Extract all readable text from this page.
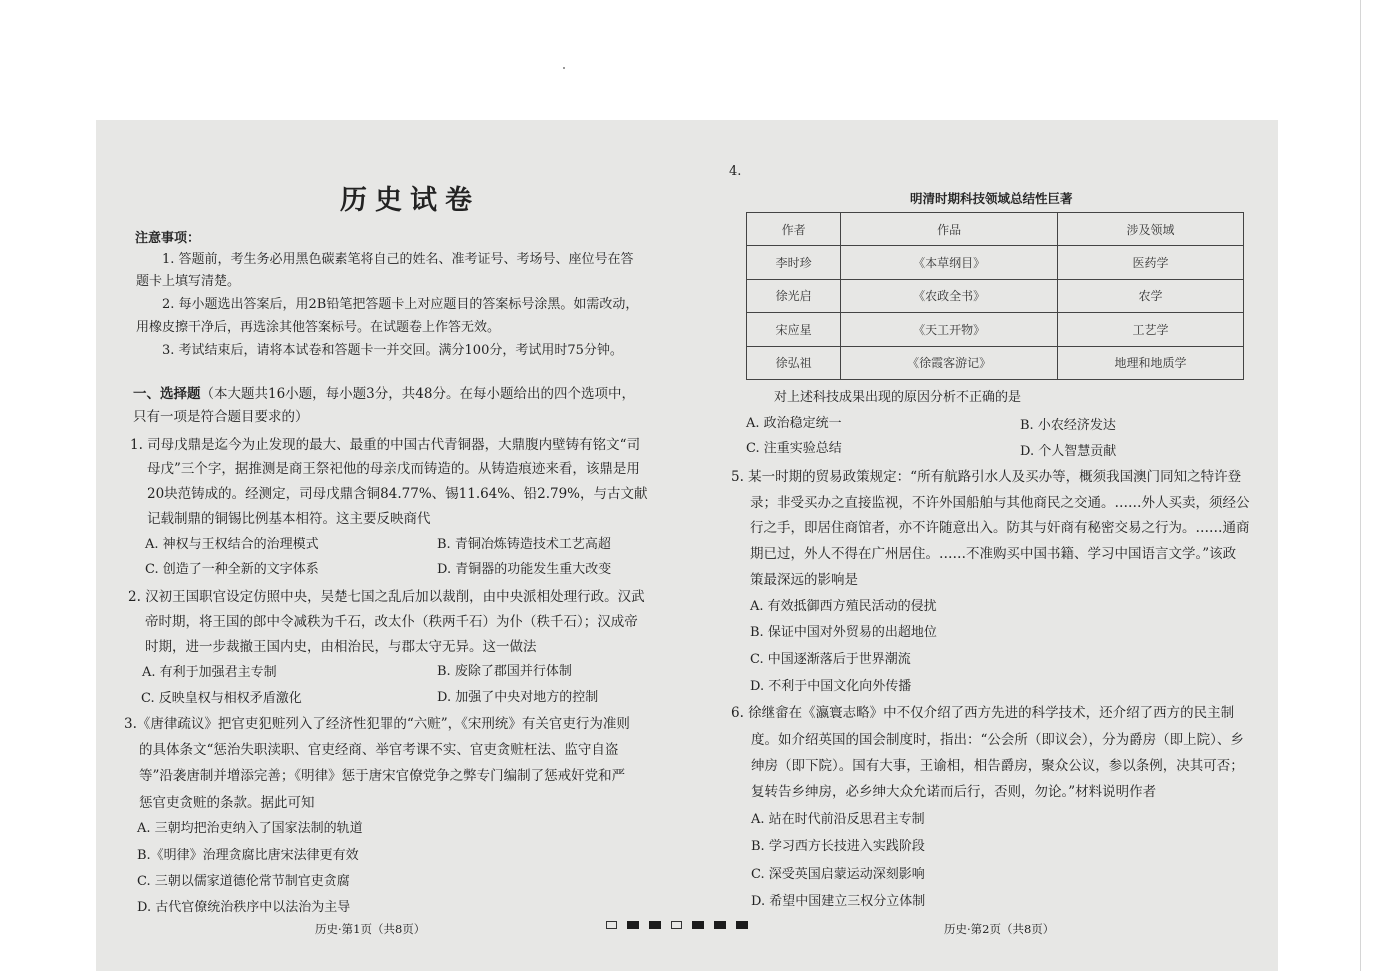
历史试卷
注意事项：
1. 答题前，考生务必用黑色碳素笔将自己的姓名、准考证号、考场号、座位号在答
题卡上填写清楚。
2. 每小题选出答案后，用2B铅笔把答题卡上对应题目的答案标号涂黑。如需改动，
用橡皮擦干净后，再选涂其他答案标号。在试题卷上作答无效。
3. 考试结束后，请将本试卷和答题卡一并交回。满分100分，考试用时75分钟。
一、选择题（本大题共16小题，每小题3分，共48分。在每小题给出的四个选项中，
只有一项是符合题目要求的）
1. 司母戊鼎是迄今为止发现的最大、最重的中国古代青铜器，大鼎腹内壁铸有铭文“司
母戊”三个字，据推测是商王祭祀他的母亲戊而铸造的。从铸造痕迹来看，该鼎是用
20块范铸成的。经测定，司母戊鼎含铜84.77%、锡11.64%、铅2.79%，与古文献
记载制鼎的铜锡比例基本相符。这主要反映商代
A. 神权与王权结合的治理模式	B. 青铜冶炼铸造技术工艺高超
C. 创造了一种全新的文字体系	D. 青铜器的功能发生重大改变
2. 汉初王国职官设定仿照中央，吴楚七国之乱后加以裁削，由中央派相处理行政。汉武
帝时期，将王国的郎中令减秩为千石，改太仆（秩两千石）为仆（秩千石）；汉成帝
时期，进一步裁撤王国内史，由相治民，与郡太守无异。这一做法
A. 有利于加强君主专制	B. 废除了郡国并行体制
C. 反映皇权与相权矛盾激化	D. 加强了中央对地方的控制
3.《唐律疏议》把官吏犯赃列入了经济性犯罪的“六赃”，《宋刑统》有关官吏行为准则
的具体条文“惩治失职渎职、官吏经商、举官考课不实、官吏贪赃枉法、监守自盗
等”沿袭唐制并增添完善；《明律》惩于唐宋官僚党争之弊专门编制了惩戒奸党和严
惩官吏贪赃的条款。据此可知
A. 三朝均把治吏纳入了国家法制的轨道
B.《明律》治理贪腐比唐宋法律更有效
C. 三朝以儒家道德伦常节制官吏贪腐
D. 古代官僚统治秩序中以法治为主导
4.
明清时期科技领域总结性巨著
作者	作品	涉及领域
李时珍	《本草纲目》	医药学
徐光启	《农政全书》	农学
宋应星	《天工开物》	工艺学
徐弘祖	《徐霞客游记》	地理和地质学
对上述科技成果出现的原因分析不正确的是
A. 政治稳定统一	B. 小农经济发达
C. 注重实验总结	D. 个人智慧贡献
5. 某一时期的贸易政策规定：“所有航路引水人及买办等，概须我国澳门同知之特许登
录；非受买办之直接监视，不许外国船舶与其他商民之交通。……外人买卖，须经公
行之手，即居住商馆者，亦不许随意出入。防其与奸商有秘密交易之行为。……通商
期已过，外人不得在广州居住。……不准购买中国书籍、学习中国语言文学。”该政
策最深远的影响是
A. 有效抵御西方殖民活动的侵扰
B. 保证中国对外贸易的出超地位
C. 中国逐渐落后于世界潮流
D. 不利于中国文化向外传播
6. 徐继畲在《瀛寰志略》中不仅介绍了西方先进的科学技术，还介绍了西方的民主制
度。如介绍英国的国会制度时，指出：“公会所（即议会），分为爵房（即上院）、乡
绅房（即下院）。国有大事，王谕相，相告爵房，聚众公议，参以条例，决其可否；
复转告乡绅房，必乡绅大众允诺而后行，否则，勿论。”材料说明作者
A. 站在时代前沿反思君主专制
B. 学习西方长技进入实践阶段
C. 深受英国启蒙运动深刻影响
D. 希望中国建立三权分立体制
历史·第1页（共8页）	历史·第2页（共8页）
